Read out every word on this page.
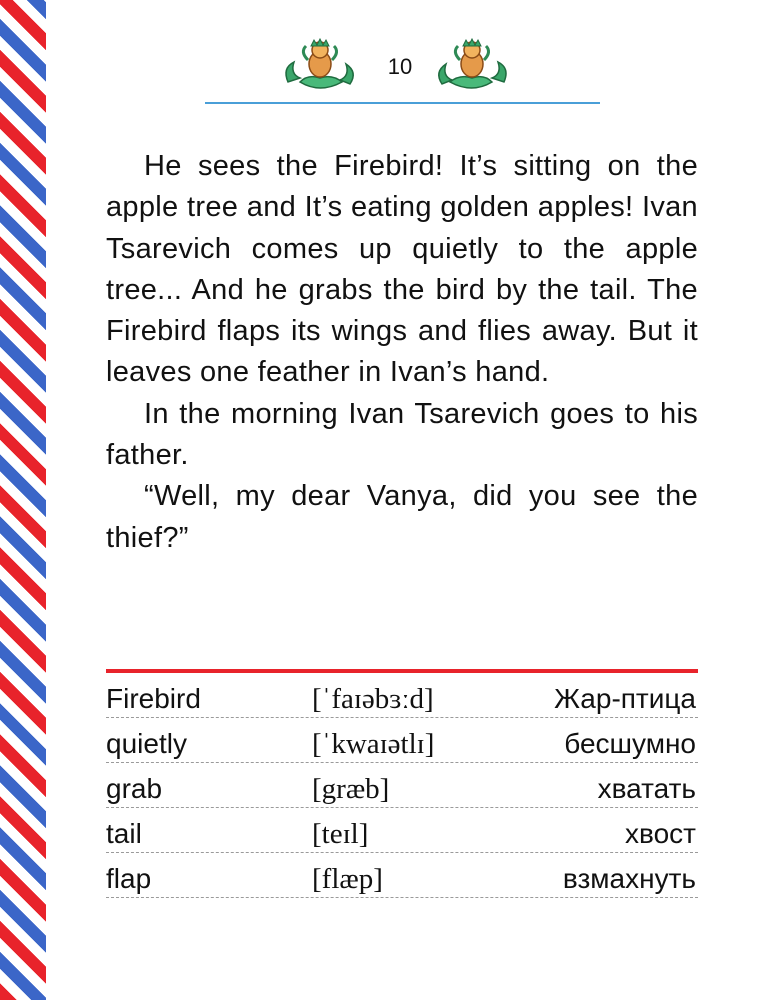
10

He sees the Firebird! It’s sitting on the apple tree and It’s eating golden apples! Ivan Tsarevich comes up quietly to the apple tree... And he grabs the bird by the tail. The Firebird flaps its wings and flies away. But it leaves one feather in Ivan’s hand.

In the morning Ivan Tsarevich goes to his father.

“Well, my dear Vanya, did you see the thief?”

Firebird	[ˈfaɪəbɜːd]	Жар-птица
quietly	[ˈkwaɪətlɪ]	бесшумно
grab	[græb]	хватать
tail	[teɪl]	хвост
flap	[flæp]	взмахнуть
